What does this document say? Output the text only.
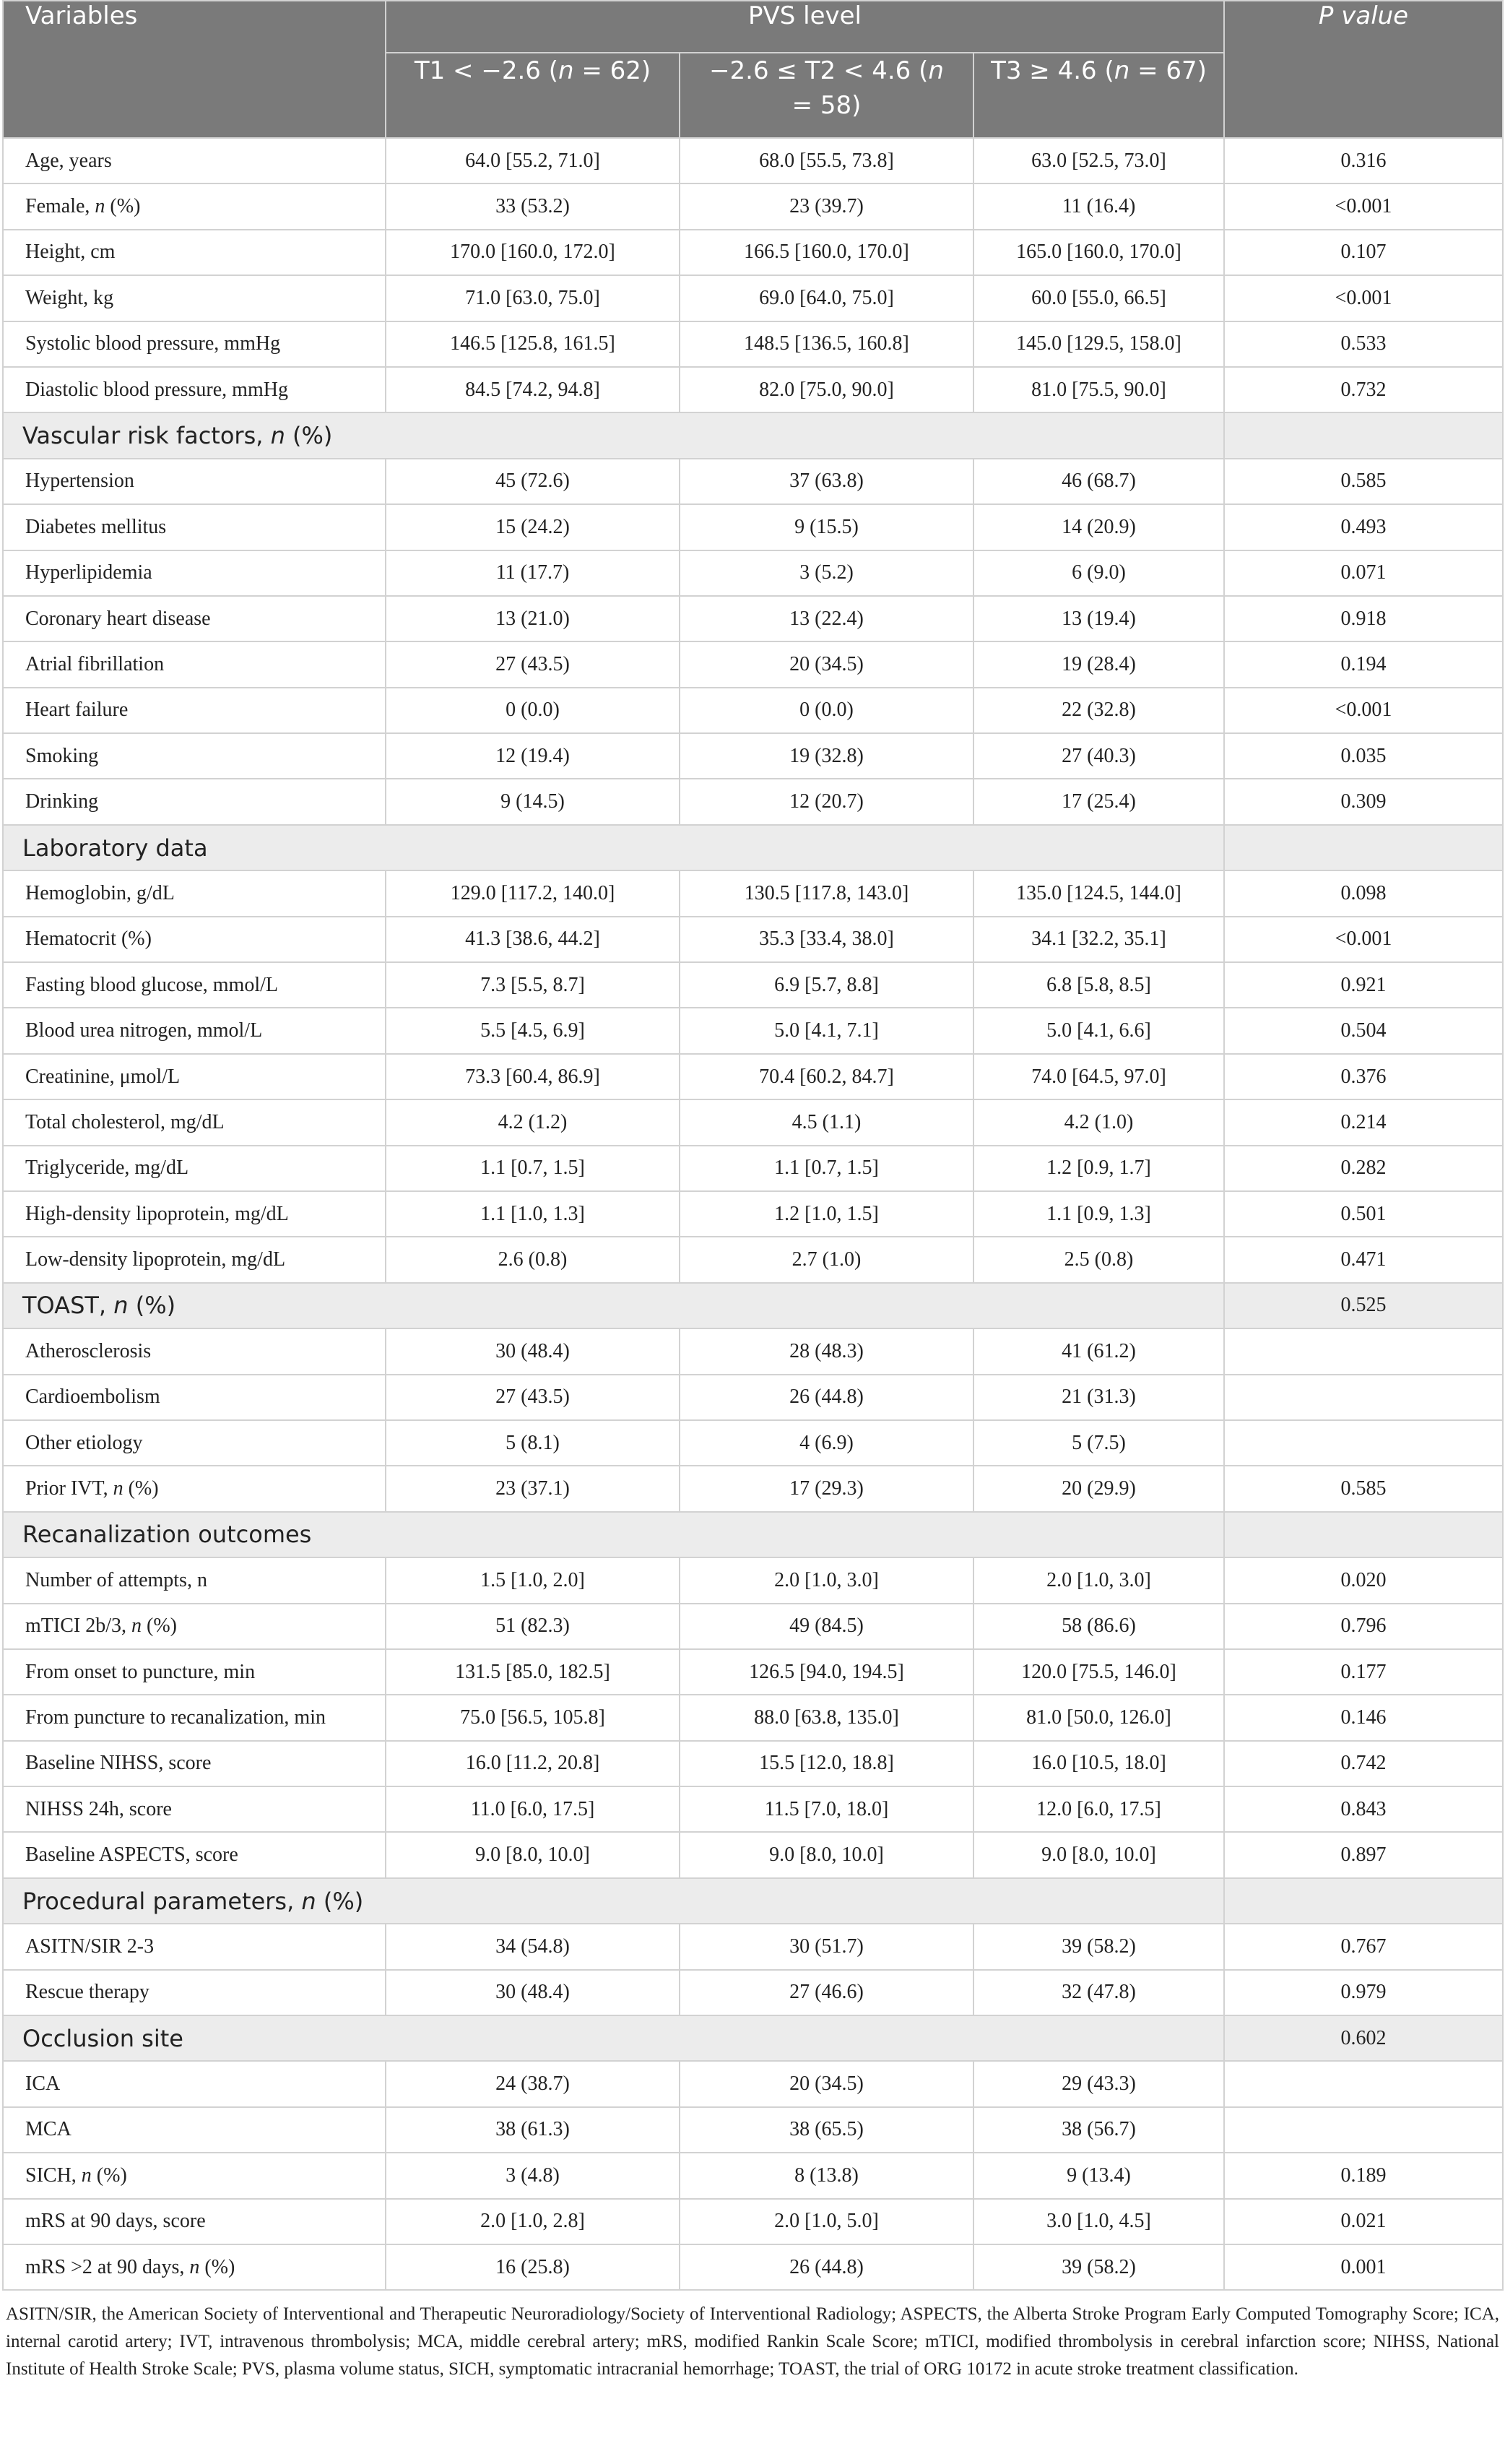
Variables	PVS level			P value
	T1 < −2.6 (n = 62)	−2.6 ≤ T2 < 4.6 (n = 58)	T3 ≥ 4.6 (n = 67)	
Age, years	64.0 [55.2, 71.0]	68.0 [55.5, 73.8]	63.0 [52.5, 73.0]	0.316
Female, n (%)	33 (53.2)	23 (39.7)	11 (16.4)	<0.001
Height, cm	170.0 [160.0, 172.0]	166.5 [160.0, 170.0]	165.0 [160.0, 170.0]	0.107
Weight, kg	71.0 [63.0, 75.0]	69.0 [64.0, 75.0]	60.0 [55.0, 66.5]	<0.001
Systolic blood pressure, mmHg	146.5 [125.8, 161.5]	148.5 [136.5, 160.8]	145.0 [129.5, 158.0]	0.533
Diastolic blood pressure, mmHg	84.5 [74.2, 94.8]	82.0 [75.0, 90.0]	81.0 [75.5, 90.0]	0.732
Vascular risk factors, n (%)				
Hypertension	45 (72.6)	37 (63.8)	46 (68.7)	0.585
Diabetes mellitus	15 (24.2)	9 (15.5)	14 (20.9)	0.493
Hyperlipidemia	11 (17.7)	3 (5.2)	6 (9.0)	0.071
Coronary heart disease	13 (21.0)	13 (22.4)	13 (19.4)	0.918
Atrial fibrillation	27 (43.5)	20 (34.5)	19 (28.4)	0.194
Heart failure	0 (0.0)	0 (0.0)	22 (32.8)	<0.001
Smoking	12 (19.4)	19 (32.8)	27 (40.3)	0.035
Drinking	9 (14.5)	12 (20.7)	17 (25.4)	0.309
Laboratory data				
Hemoglobin, g/dL	129.0 [117.2, 140.0]	130.5 [117.8, 143.0]	135.0 [124.5, 144.0]	0.098
Hematocrit (%)	41.3 [38.6, 44.2]	35.3 [33.4, 38.0]	34.1 [32.2, 35.1]	<0.001
Fasting blood glucose, mmol/L	7.3 [5.5, 8.7]	6.9 [5.7, 8.8]	6.8 [5.8, 8.5]	0.921
Blood urea nitrogen, mmol/L	5.5 [4.5, 6.9]	5.0 [4.1, 7.1]	5.0 [4.1, 6.6]	0.504
Creatinine, μmol/L	73.3 [60.4, 86.9]	70.4 [60.2, 84.7]	74.0 [64.5, 97.0]	0.376
Total cholesterol, mg/dL	4.2 (1.2)	4.5 (1.1)	4.2 (1.0)	0.214
Triglyceride, mg/dL	1.1 [0.7, 1.5]	1.1 [0.7, 1.5]	1.2 [0.9, 1.7]	0.282
High-density lipoprotein, mg/dL	1.1 [1.0, 1.3]	1.2 [1.0, 1.5]	1.1 [0.9, 1.3]	0.501
Low-density lipoprotein, mg/dL	2.6 (0.8)	2.7 (1.0)	2.5 (0.8)	0.471
TOAST, n (%)				0.525
Atherosclerosis	30 (48.4)	28 (48.3)	41 (61.2)	
Cardioembolism	27 (43.5)	26 (44.8)	21 (31.3)	
Other etiology	5 (8.1)	4 (6.9)	5 (7.5)	
Prior IVT, n (%)	23 (37.1)	17 (29.3)	20 (29.9)	0.585
Recanalization outcomes				
Number of attempts, n	1.5 [1.0, 2.0]	2.0 [1.0, 3.0]	2.0 [1.0, 3.0]	0.020
mTICI 2b/3, n (%)	51 (82.3)	49 (84.5)	58 (86.6)	0.796
From onset to puncture, min	131.5 [85.0, 182.5]	126.5 [94.0, 194.5]	120.0 [75.5, 146.0]	0.177
From puncture to recanalization, min	75.0 [56.5, 105.8]	88.0 [63.8, 135.0]	81.0 [50.0, 126.0]	0.146
Baseline NIHSS, score	16.0 [11.2, 20.8]	15.5 [12.0, 18.8]	16.0 [10.5, 18.0]	0.742
NIHSS 24h, score	11.0 [6.0, 17.5]	11.5 [7.0, 18.0]	12.0 [6.0, 17.5]	0.843
Baseline ASPECTS, score	9.0 [8.0, 10.0]	9.0 [8.0, 10.0]	9.0 [8.0, 10.0]	0.897
Procedural parameters, n (%)				
ASITN/SIR 2-3	34 (54.8)	30 (51.7)	39 (58.2)	0.767
Rescue therapy	30 (48.4)	27 (46.6)	32 (47.8)	0.979
Occlusion site				0.602
ICA	24 (38.7)	20 (34.5)	29 (43.3)	
MCA	38 (61.3)	38 (65.5)	38 (56.7)	
SICH, n (%)	3 (4.8)	8 (13.8)	9 (13.4)	0.189
mRS at 90 days, score	2.0 [1.0, 2.8]	2.0 [1.0, 5.0]	3.0 [1.0, 4.5]	0.021
mRS >2 at 90 days, n (%)	16 (25.8)	26 (44.8)	39 (58.2)	0.001
ASITN/SIR, the American Society of Interventional and Therapeutic Neuroradiology/Society of Interventional Radiology; ASPECTS, the Alberta Stroke Program Early Computed Tomography Score; ICA, internal carotid artery; IVT, intravenous thrombolysis; MCA, middle cerebral artery; mRS, modified Rankin Scale Score; mTICI, modified thrombolysis in cerebral infarction score; NIHSS, National Institute of Health Stroke Scale; PVS, plasma volume status, SICH, symptomatic intracranial hemorrhage; TOAST, the trial of ORG 10172 in acute stroke treatment classification.
